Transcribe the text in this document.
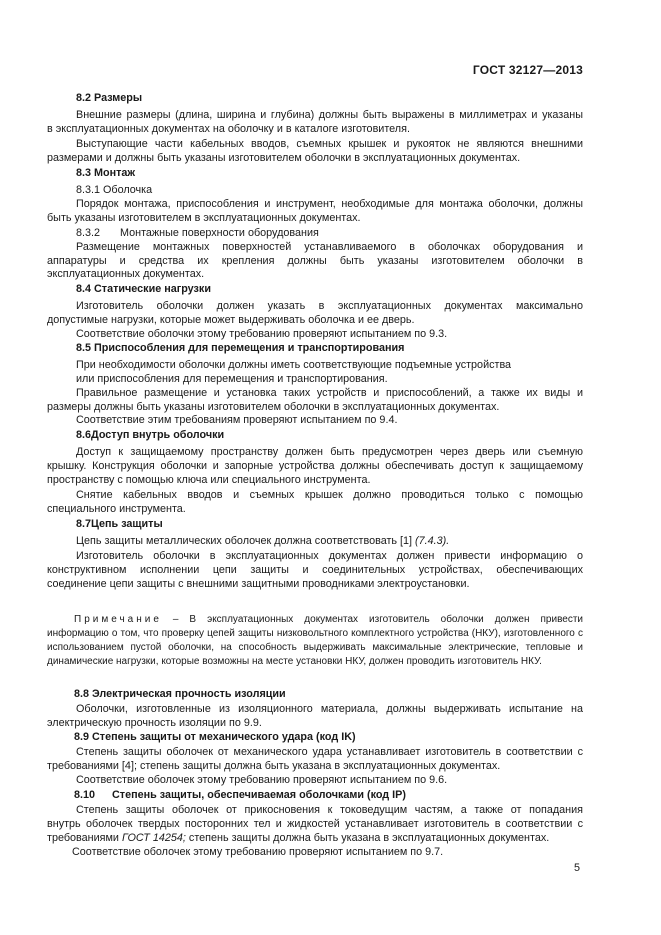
ГОСТ 32127—2013
8.2 Размеры
Внешние размеры (длина, ширина и глубина) должны быть выражены в миллиметрах и указаны
в эксплуатационных документах на оболочку и в каталоге изготовителя.
Выступающие части кабельных вводов, съемных крышек и рукояток не являются внешними
размерами и должны быть указаны изготовителем оболочки в эксплуатационных документах.
8.3 Монтаж
8.3.1 Оболочка
Порядок монтажа, приспособления и инструмент, необходимые для монтажа оболочки, должны
быть указаны изготовителем в эксплуатационных документах.
8.3.2 Монтажные поверхности оборудования
Размещение монтажных поверхностей устанавливаемого в оболочках оборудования и
аппаратуры и средства их крепления должны быть указаны изготовителем оболочки в
эксплуатационных документах.
8.4 Статические нагрузки
Изготовитель оболочки должен указать в эксплуатационных документах максимально
допустимые нагрузки, которые может выдерживать оболочка и ее дверь.
Соответствие оболочки этому требованию проверяют испытанием по 9.3.
8.5 Приспособления для перемещения и транспортирования
При необходимости оболочки должны иметь соответствующие подъемные устройства
или приспособления для перемещения и транспортирования.
Правильное размещение и установка таких устройств и приспособлений, а также их виды и
размеры должны быть указаны изготовителем оболочки в эксплуатационных документах.
Соответствие этим требованиям проверяют испытанием по 9.4.
8.6Доступ внутрь оболочки
Доступ к защищаемому пространству должен быть предусмотрен через дверь или съемную
крышку. Конструкция оболочки и запорные устройства должны обеспечивать доступ к защищаемому
пространству с помощью ключа или специального инструмента.
Снятие кабельных вводов и съемных крышек должно проводиться только с помощью
специального инструмента.
8.7Цепь защиты
Цепь защиты металлических оболочек должна соответствовать [1] (7.4.3).
Изготовитель оболочки в эксплуатационных документах должен привести информацию о
конструктивном исполнении цепи защиты и соединительных устройствах, обеспечивающих
соединение цепи защиты с внешними защитными проводниками электроустановки.
Примечание – В эксплуатационных документах изготовитель оболочки должен привести
информацию о том, что проверку цепей защиты низковольтного комплектного устройства (НКУ), изготовленного с
использованием пустой оболочки, на способность выдерживать максимальные электрические, тепловые и
динамические нагрузки, которые возможны на месте установки НКУ, должен проводить изготовитель НКУ.
8.8 Электрическая прочность изоляции
Оболочки, изготовленные из изоляционного материала, должны выдерживать испытание на
электрическую прочность изоляции по 9.9.
8.9 Степень защиты от механического удара (код IK)
Степень защиты оболочек от механического удара устанавливает изготовитель в соответствии с
требованиями [4]; степень защиты должна быть указана в эксплуатационных документах.
Соответствие оболочек этому требованию проверяют испытанием по 9.6.
8.10 Степень защиты, обеспечиваемая оболочками (код IP)
Степень защиты оболочек от прикосновения к токоведущим частям, а также от попадания
внутрь оболочек твердых посторонних тел и жидкостей устанавливает изготовитель в соответствии с
требованиями ГОСТ 14254; степень защиты должна быть указана в эксплуатационных документах.
Соответствие оболочек этому требованию проверяют испытанием по 9.7.
5
